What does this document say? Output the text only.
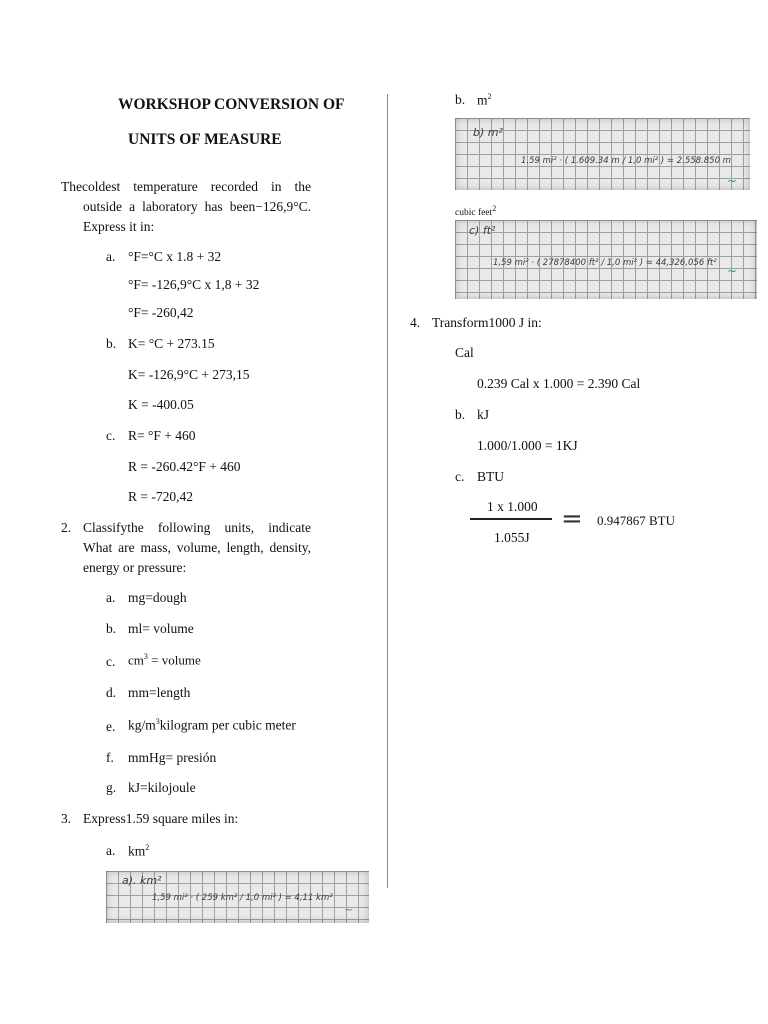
WORKSHOP CONVERSION OF
UNITS OF MEASURE
Thecoldest temperature recorded in the outside a laboratory has been−126,9°C. Express it in:
a. °F=°C x 1.8 + 32
°F= -126,9°C x 1,8 + 32
°F= -260,42
b. K= °C + 273.15
K= -126,9°C + 273,15
K = -400.05
c. R= °F + 460
R = -260.42°F + 460
R = -720,42
2. Classifythe following units, indicate What are mass, volume, length, density, energy or pressure:
a. mg=dough
b. ml= volume
c. $cm^3$ = volume
d. mm=length
e. $kg/m^3kilogram$ per cubic meter
f. mmHg= presión
g. kJ=kilojoule
3. Express1.59 square miles in:
a. $km^2$
a). km²
1,59 mi² · ( 259 km² / 1,0 mi² ) = 4,11 km²
~
b. $m^2$
b) m²
1.59 mi² · ( 1.609.34 m / 1,0 mi² ) = 2.558.850 m
~
cubic feet$^2$
c) ft²
1,59 mi² · ( 27878400 ft² / 1,0 mi² ) = 44,326,056 ft²
~
4. Transform1000 J in:
Cal
0.239 Cal x 1.000 = 2.390 Cal
b. kJ
1.000/1.000 = 1KJ
c. BTU
1 x 1.000
1.055J
= 0.947867 BTU
